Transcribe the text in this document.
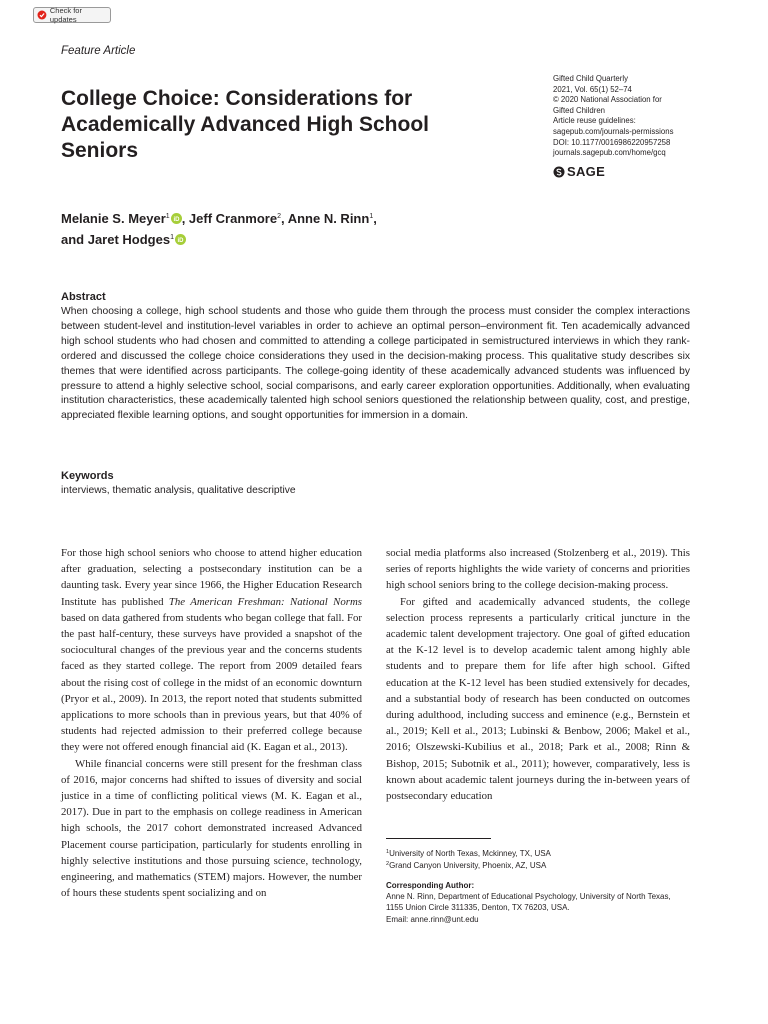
Check for updates
Feature Article
College Choice: Considerations for Academically Advanced High School Seniors
Gifted Child Quarterly
2021, Vol. 65(1) 52–74
© 2020 National Association for
Gifted Children
Article reuse guidelines:
sagepub.com/journals-permissions
DOI: 10.1177/0016986220957258
journals.sagepub.com/home/gcq
SAGE
Melanie S. Meyer$^1$ iD , Jeff Cranmore$^2$, Anne N. Rinn$^1$,
and Jaret Hodges$^1$ iD
Abstract

When choosing a college, high school students and those who guide them through the process must consider the complex interactions between student-level and institution-level variables in order to achieve an optimal person–environment fit. Ten academically advanced high school students who had chosen and committed to attending a college participated in semistructured interviews in which they rank-ordered and discussed the college choice considerations they used in the decision-making process. This qualitative study describes six themes that were identified across participants. The college-going identity of these academically advanced students was influenced by pressure to attend a highly selective school, social comparisons, and early career exploration opportunities. Additionally, when evaluating institution characteristics, these academically talented high school seniors questioned the relationship between quality, cost, and prestige, appreciated flexible learning options, and sought opportunities for immersion in a domain.

Keywords
interviews, thematic analysis, qualitative descriptive

For those high school seniors who choose to attend higher education after graduation, selecting a postsecondary institution can be a daunting task. Every year since 1966, the Higher Education Research Institute has published The American Freshman: National Norms based on data gathered from students who began college that fall. For the past half-century, these surveys have provided a snapshot of the sociocultural changes of the previous year and the concerns students faced as they started college. The report from 2009 detailed fears about the rising cost of college in the midst of an economic downturn (Pryor et al., 2009). In 2013, the report noted that students submitted applications to more schools than in previous years, but that 40% of students had rejected admission to their preferred college because they were not offered enough financial aid (K. Eagan et al., 2013).

While financial concerns were still present for the freshman class of 2016, major concerns had shifted to issues of diversity and social justice in a time of conflicting political views (M. K. Eagan et al., 2017). Due in part to the emphasis on college readiness in American high schools, the 2017 cohort demonstrated increased Advanced Placement course participation, particularly for students enrolling in highly selective institutions and those pursuing science, technology, engineering, and mathematics (STEM) majors. However, the number of hours these students spent socializing and on

social media platforms also increased (Stolzenberg et al., 2019). This series of reports highlights the wide variety of concerns and priorities high school seniors bring to the college decision-making process.

For gifted and academically advanced students, the college selection process represents a particularly critical juncture in the academic talent development trajectory. One goal of gifted education at the K-12 level is to develop academic talent among highly able students and to prepare them for life after high school. Gifted education at the K-12 level has been studied extensively for decades, and a substantial body of research has been conducted on outcomes during adulthood, including success and eminence (e.g., Bernstein et al., 2019; Kell et al., 2013; Lubinski & Benbow, 2006; Makel et al., 2016; Olszewski-Kubilius et al., 2018; Park et al., 2008; Rinn & Bishop, 2015; Subotnik et al., 2011); however, comparatively, less is known about academic talent journeys during the in-between years of postsecondary education

$^1$University of North Texas, Mckinney, TX, USA
$^2$Grand Canyon University, Phoenix, AZ, USA
Corresponding Author:
Anne N. Rinn, Department of Educational Psychology, University of North Texas, 1155 Union Circle 311335, Denton, TX 76203, USA.
Email: anne.rinn@unt.edu
